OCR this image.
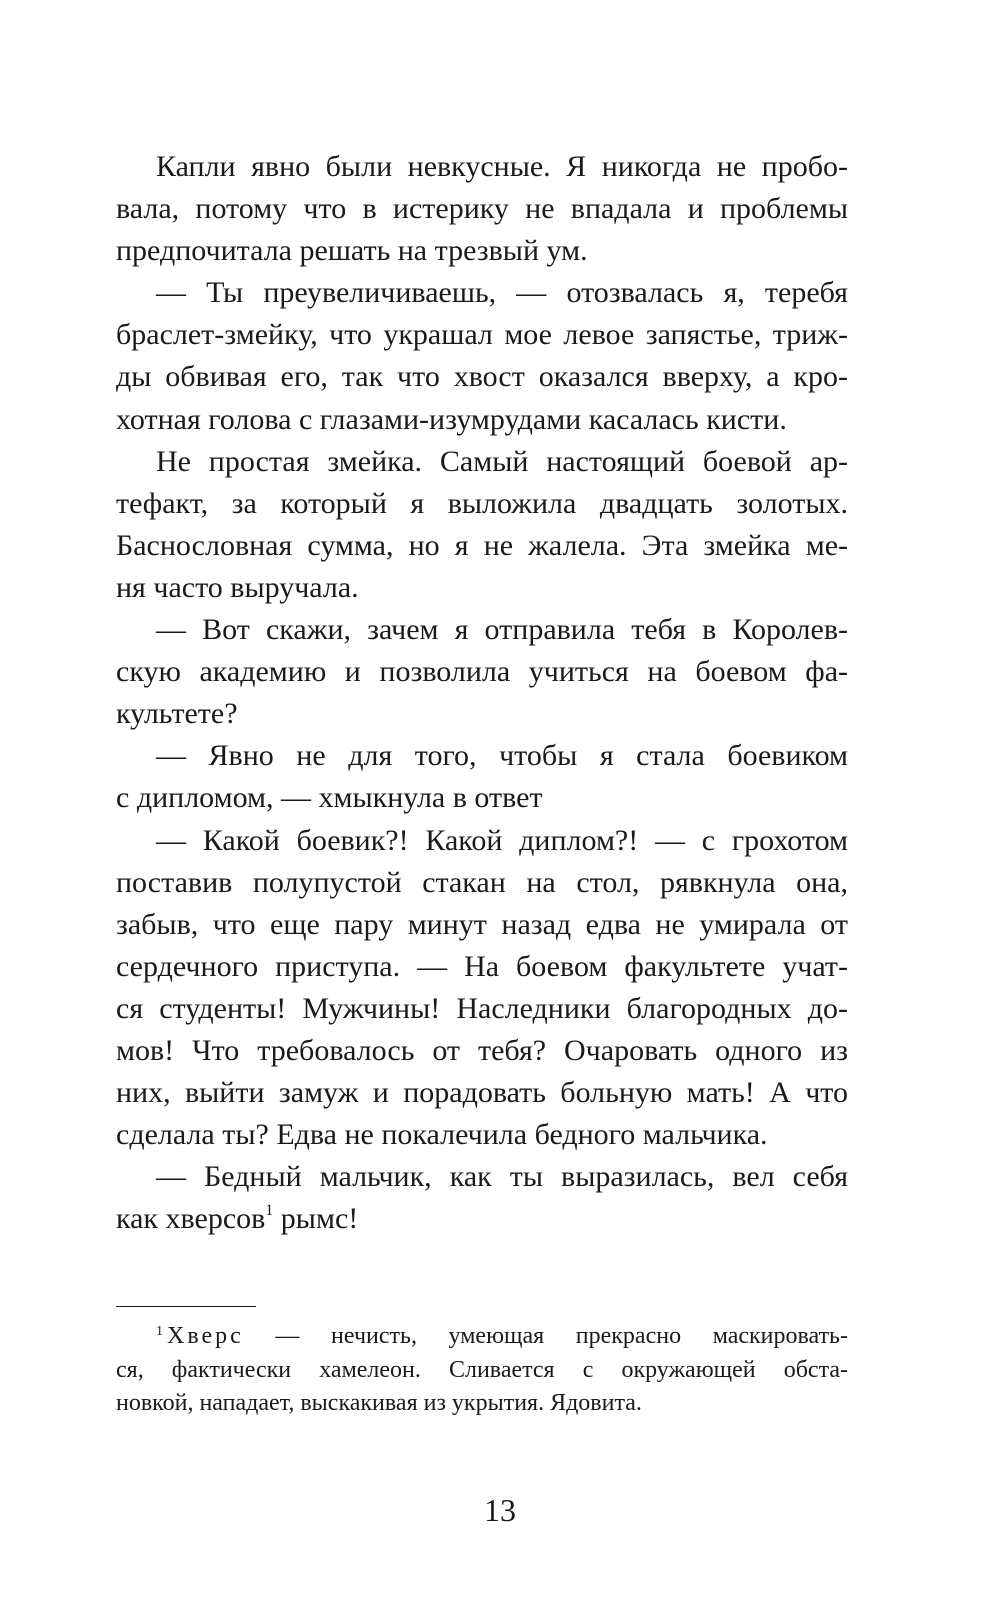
Капли явно были невкусные. Я никогда не пробо-
вала, потому что в истерику не впадала и проблемы
предпочитала решать на трезвый ум.
— Ты преувеличиваешь, — отозвалась я, теребя
браслет-змейку, что украшал мое левое запястье, триж-
ды обвивая его, так что хвост оказался вверху, а кро-
хотная голова с глазами-изумрудами касалась кисти.
Не простая змейка. Самый настоящий боевой ар-
тефакт, за который я выложила двадцать золотых.
Баснословная сумма, но я не жалела. Эта змейка ме-
ня часто выручала.
— Вот скажи, зачем я отправила тебя в Королев-
скую академию и позволила учиться на боевом фа-
культете?
— Явно не для того, чтобы я стала боевиком
с дипломом, — хмыкнула в ответ
— Какой боевик?! Какой диплом?! — с грохотом
поставив полупустой стакан на стол, рявкнула она,
забыв, что еще пару минут назад едва не умирала от
сердечного приступа. — На боевом факультете учат-
ся студенты! Мужчины! Наследники благородных до-
мов! Что требовалось от тебя? Очаровать одного из
них, выйти замуж и порадовать больную мать! А что
сделала ты? Едва не покалечила бедного мальчика.
— Бедный мальчик, как ты выразилась, вел себя
как хверсов$^1$ рымс!
$^1$ Хверс — нечисть, умеющая прекрасно маскировать-
ся, фактически хамелеон. Сливается с окружающей обста-
новкой, нападает, выскакивая из укрытия. Ядовита.
13
